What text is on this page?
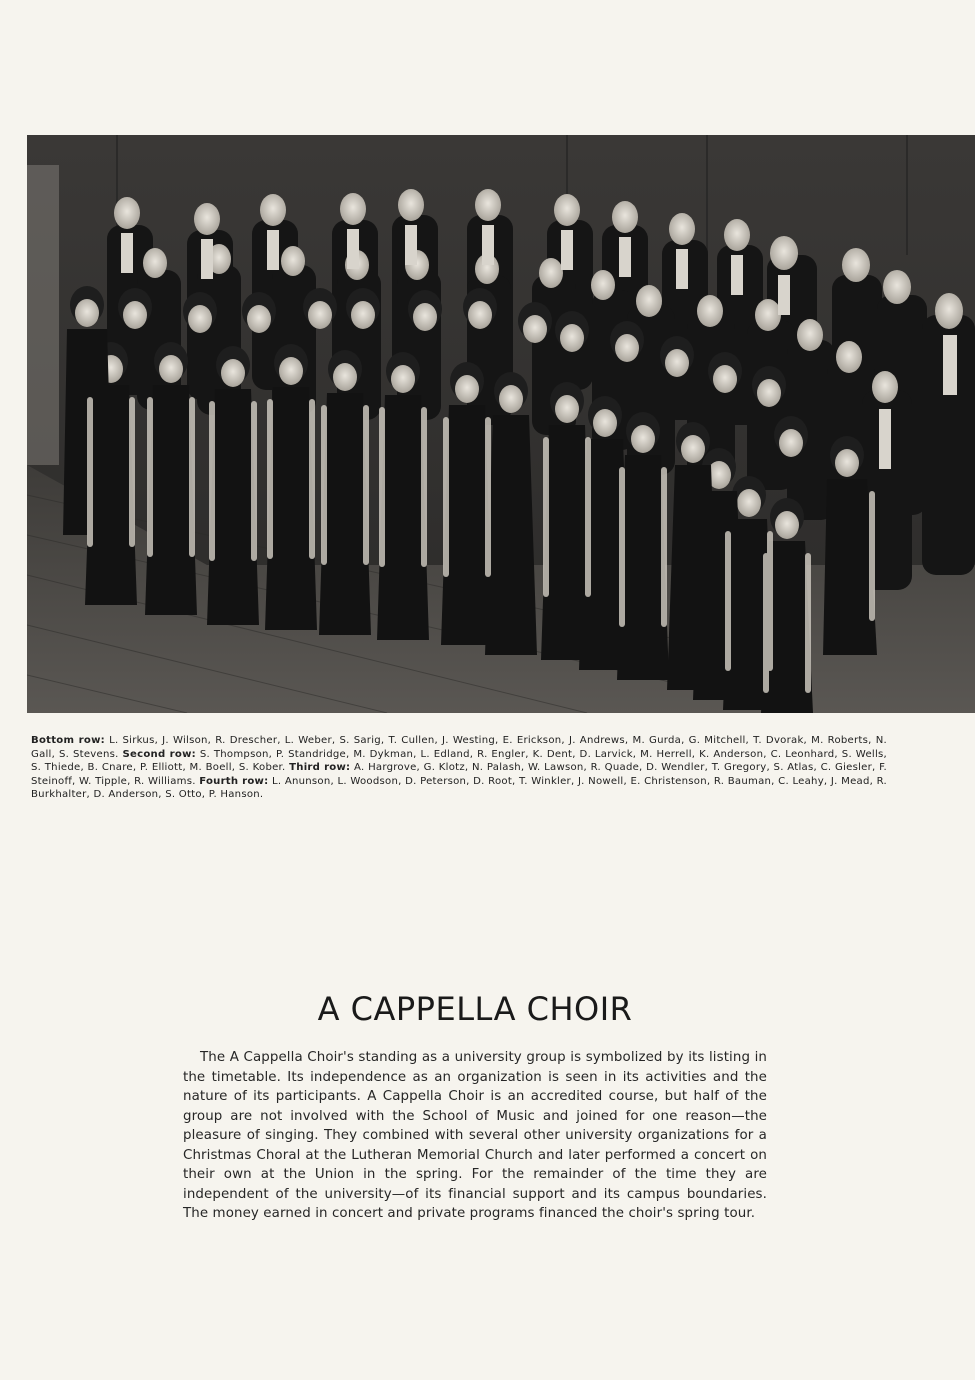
Bottom row: L. Sirkus, J. Wilson, R. Drescher, L. Weber, S. Sarig, T. Cullen, J. Westing, E. Erickson, J. Andrews, M. Gurda, G. Mitchell, T. Dvorak, M. Roberts, N. Gall, S. Stevens. Second row: S. Thompson, P. Standridge, M. Dykman, L. Edland, R. Engler, K. Dent, D. Larvick, M. Herrell, K. Anderson, C. Leonhard, S. Wells, S. Thiede, B. Cnare, P. Elliott, M. Boell, S. Kober. Third row: A. Hargrove, G. Klotz, N. Palash, W. Lawson, R. Quade, D. Wendler, T. Gregory, S. Atlas, C. Giesler, F. Steinoff, W. Tipple, R. Williams. Fourth row: L. Anunson, L. Woodson, D. Peterson, D. Root, T. Winkler, J. Nowell, E. Christenson, R. Bauman, C. Leahy, J. Mead, R. Burkhalter, D. Anderson, S. Otto, P. Hanson.
A CAPPELLA CHOIR

The A Cappella Choir's standing as a university group is symbolized by its listing in the timetable. Its independence as an organization is seen in its activities and the nature of its participants. A Cappella Choir is an accredited course, but half of the group are not involved with the School of Music and joined for one reason—the pleasure of singing. They combined with several other university organizations for a Christmas Choral at the Lutheran Memorial Church and later performed a concert on their own at the Union in the spring. For the remainder of the time they are independent of the university—of its financial support and its campus boundaries. The money earned in concert and private programs financed the choir's spring tour.
